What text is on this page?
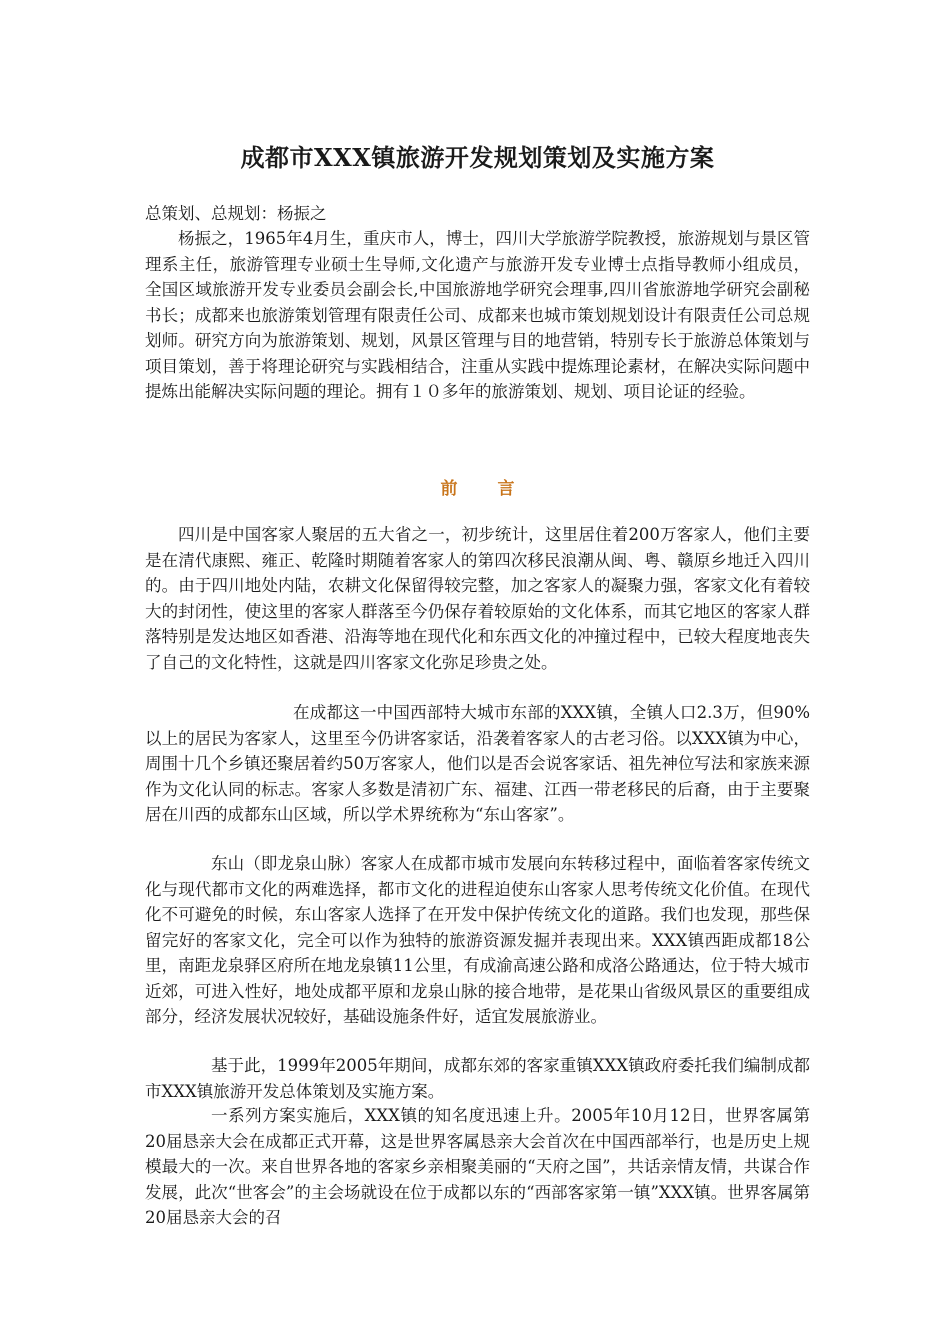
成都市XXX镇旅游开发规划策划及实施方案

总策划、总规划：杨振之

杨振之，1965年4月生，重庆市人，博士，四川大学旅游学院教授，旅游规划与景区管理系主任，旅游管理专业硕士生导师,文化遗产与旅游开发专业博士点指导教师小组成员，全国区域旅游开发专业委员会副会长,中国旅游地学研究会理事,四川省旅游地学研究会副秘书长；成都来也旅游策划管理有限责任公司、成都来也城市策划规划设计有限责任公司总规划师。研究方向为旅游策划、规划，风景区管理与目的地营销，特别专长于旅游总体策划与项目策划，善于将理论研究与实践相结合，注重从实践中提炼理论素材，在解决实际问题中提炼出能解决实际问题的理论。拥有１０多年的旅游策划、规划、项目论证的经验。

前言

四川是中国客家人聚居的五大省之一，初步统计，这里居住着200万客家人，他们主要是在清代康熙、雍正、乾隆时期随着客家人的第四次移民浪潮从闽、粤、赣原乡地迁入四川的。由于四川地处内陆，农耕文化保留得较完整，加之客家人的凝聚力强，客家文化有着较大的封闭性，使这里的客家人群落至今仍保存着较原始的文化体系，而其它地区的客家人群落特别是发达地区如香港、沿海等地在现代化和东西文化的冲撞过程中，已较大程度地丧失了自己的文化特性，这就是四川客家文化弥足珍贵之处。

在成都这一中国西部特大城市东部的XXX镇，全镇人口2.3万，但90%以上的居民为客家人，这里至今仍讲客家话，沿袭着客家人的古老习俗。以XXX镇为中心，周围十几个乡镇还聚居着约50万客家人，他们以是否会说客家话、祖先神位写法和家族来源作为文化认同的标志。客家人多数是清初广东、福建、江西一带老移民的后裔，由于主要聚居在川西的成都东山区域，所以学术界统称为“东山客家”。

东山（即龙泉山脉）客家人在成都市城市发展向东转移过程中，面临着客家传统文化与现代都市文化的两难选择，都市文化的进程迫使东山客家人思考传统文化价值。在现代化不可避免的时候，东山客家人选择了在开发中保护传统文化的道路。我们也发现，那些保留完好的客家文化，完全可以作为独特的旅游资源发掘并表现出来。XXX镇西距成都18公里，南距龙泉驿区府所在地龙泉镇11公里，有成渝高速公路和成洛公路通达，位于特大城市近郊，可进入性好，地处成都平原和龙泉山脉的接合地带，是花果山省级风景区的重要组成部分，经济发展状况较好，基础设施条件好，适宜发展旅游业。

基于此，1999年2005年期间，成都东郊的客家重镇XXX镇政府委托我们编制成都市XXX镇旅游开发总体策划及实施方案。

一系列方案实施后，XXX镇的知名度迅速上升。2005年10月12日，世界客属第20届恳亲大会在成都正式开幕，这是世界客属恳亲大会首次在中国西部举行，也是历史上规模最大的一次。来自世界各地的客家乡亲相聚美丽的“天府之国”，共话亲情友情，共谋合作发展，此次“世客会”的主会场就设在位于成都以东的“西部客家第一镇”XXX镇。世界客属第20届恳亲大会的召
